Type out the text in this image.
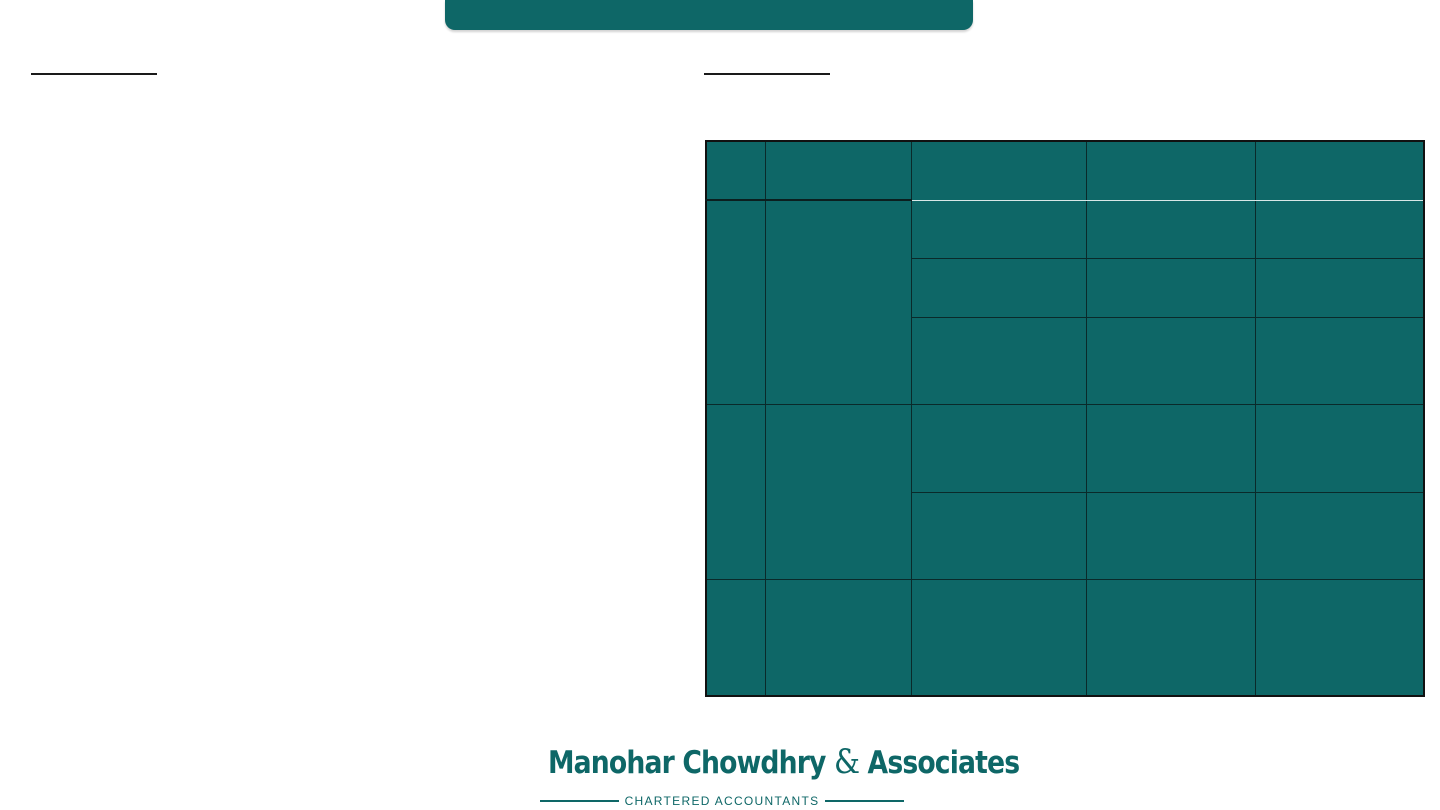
Manohar Chowdhry & Associates
CHARTERED ACCOUNTANTS
